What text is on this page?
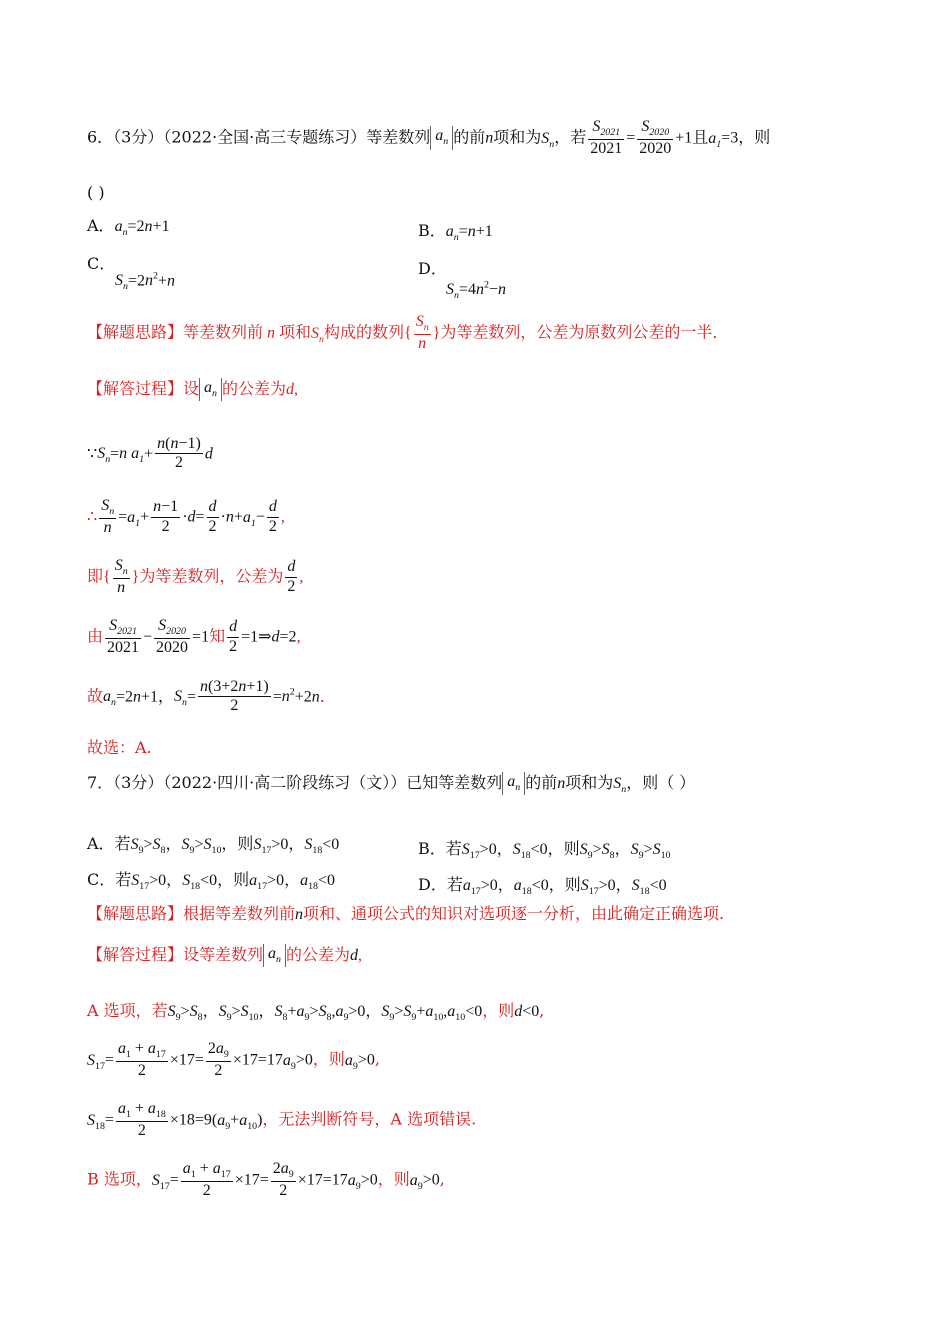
6．（3分）（2022·全国·高三专题练习）等差数列 $a_n$ 的前n项和为$S_n$，若 $\frac{S_{2021}}{2021} = \frac{S_{2020}}{2020} +1$且$a_1=3$，则
( )
A．$a_n=2n+1$	B．$a_n=n+1$
C．
$S_n=2n^2+n$
D．
$S_n=4n^2-n$
【解题思路】等差数列前 n 项和$S_n$构成的数列{ $\frac{S_n}{n}$ }为等差数列，公差为原数列公差的一半．
【解答过程】设 $a_n$ 的公差为d,
$\because S_n=n$ $a_1+ \frac{n(n-1)}{2}$ d
∴ $\frac{S_n}{n} =a_1+ \frac{n-1}{2} \cdot d= \frac{d}{2} \cdot n+a_1- \frac{d}{2}$ ,
即{ $\frac{S_n}{n}$ }为等差数列，公差为 $\frac{d}{2}$ ,
由 $\frac{S_{2021}}{2021} - \frac{S_{2020}}{2020} =1$知 $\frac{d}{2}$ =1⇒d=2,
故$a_n=2n+1$，$S_n= \frac{n(3+2n+1)}{2} =n^2+2n$．
故选：A.
7．（3分）（2022·四川·高二阶段练习（文））已知等差数列 $a_n$ 的前n项和为$S_n$，则（ ）
A．若$S_9>S_8$，$S_9>S_{10}$，则$S_{17}>0$，$S_{18}<0$	B．若$S_{17}>0$，$S_{18}<0$，则$S_9>S_8$，$S_9>S_{10}$
C．若$S_{17}>0$，$S_{18}<0$，则$a_{17}>0$，$a_{18}<0$	D．若$a_{17}>0$，$a_{18}<0$，则$S_{17}>0$，$S_{18}<0$
【解题思路】根据等差数列前n项和、通项公式的知识对选项逐一分析，由此确定正确选项.
【解答过程】设等差数列 $a_n$ 的公差为d,
A 选项，若$S_9>S_8$，$S_9>S_{10}$，$S_8+a_9>S_8,a_9>0$，$S_9>S_9+a_{10},a_{10}<0$，则d<0,
$S_{17}= \frac{a_1 + a_{17}}{2} \times 17= \frac{2a_9}{2} \times 17=17a_9>0$，则$a_9>0$,
$S_{18}= \frac{a_1 + a_{18}}{2} \times 18=9(a_9+a_{10})$，无法判断符号，A 选项错误.
B 选项，$S_{17}= \frac{a_1 + a_{17}}{2} \times 17= \frac{2a_9}{2} \times 17=17a_9>0$，则$a_9>0$,
